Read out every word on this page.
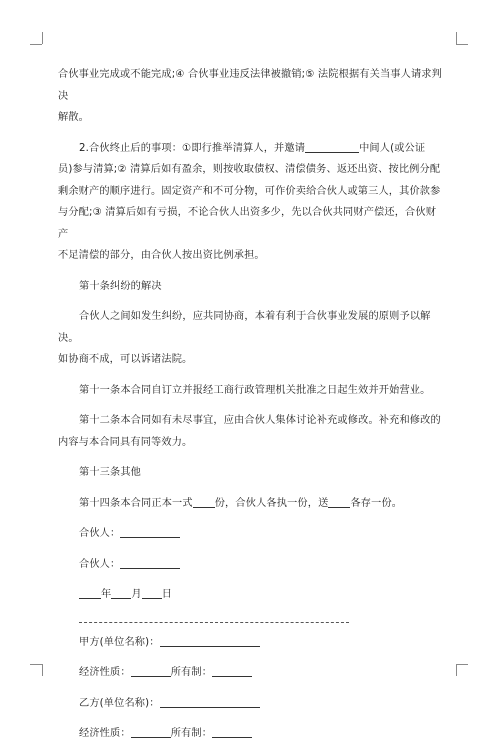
合伙事业完成或不能完成;④ 合伙事业违反法律被撤销;⑤ 法院根据有关当事人请求判决

解散。

2.合伙终止后的事项：①即行推举清算人，并邀请	中间人(或公证

员)参与清算;② 清算后如有盈余，则按收取债权、清偿债务、返还出资、按比例分配

剩余财产的顺序进行。固定资产和不可分物，可作价卖给合伙人或第三人，其价款参

与分配;③ 清算后如有亏损，不论合伙人出资多少，先以合伙共同财产偿还，合伙财产

不足清偿的部分，由合伙人按出资比例承担。

第十条纠纷的解决

合伙人之间如发生纠纷，应共同协商，本着有利于合伙事业发展的原则予以解决。

如协商不成，可以诉诸法院。

第十一条本合同自订立并报经工商行政管理机关批准之日起生效并开始营业。

第十二条本合同如有未尽事宜，应由合伙人集体讨论补充或修改。补充和修改的

内容与本合同具有同等效力。

第十三条其他

第十四条本合同正本一式 份，合伙人各执一份，送 各存一份。

合伙人：

合伙人：

年 月 日

甲方(单位名称)：

经济性质：	所有制：

乙方(单位名称)：

经济性质：	所有制：
